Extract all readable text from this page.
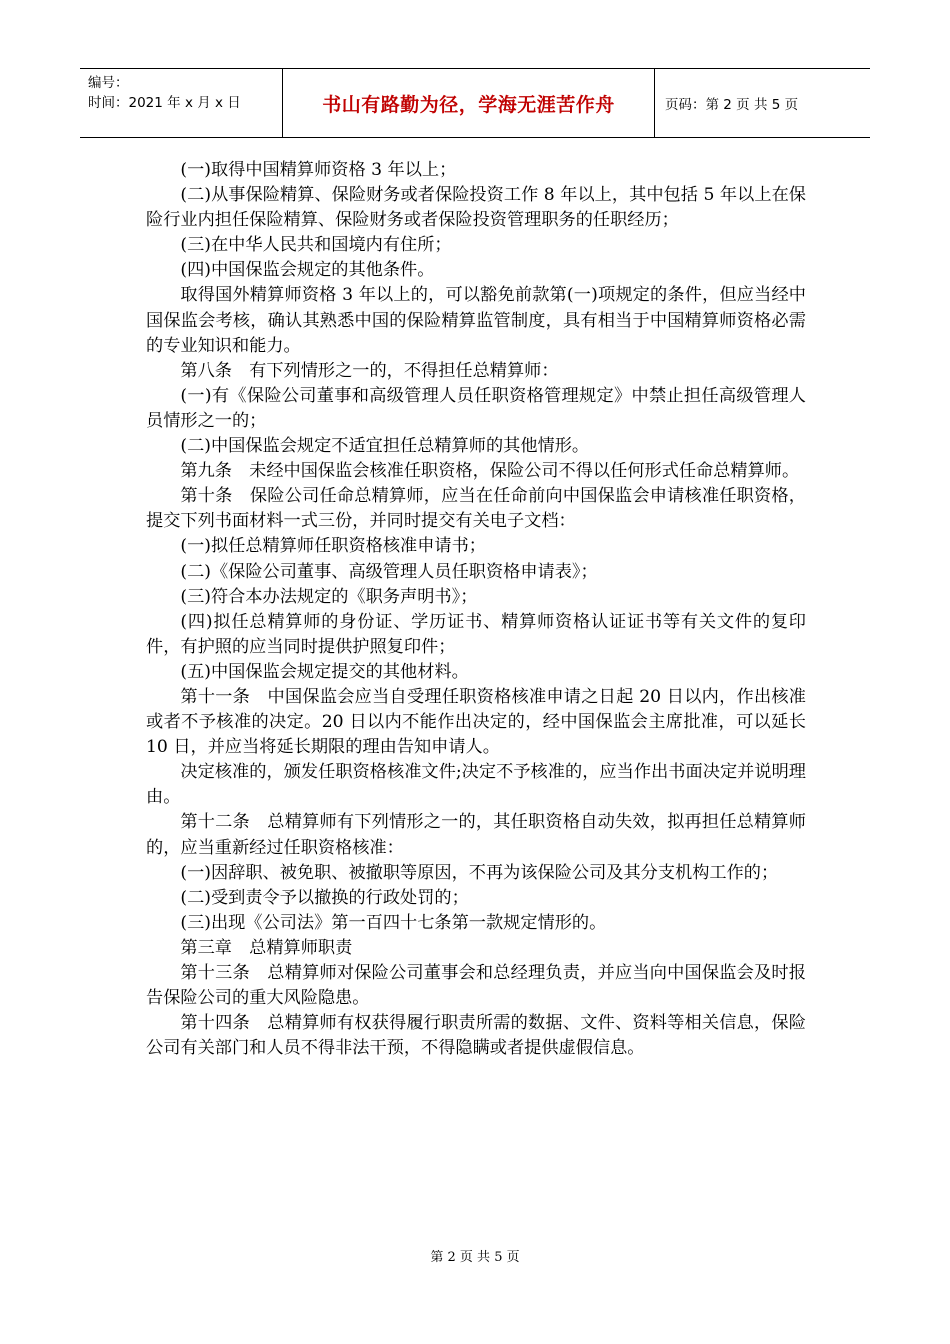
编号：
时间：2021 年 x 月 x 日	书山有路勤为径，学海无涯苦作舟	页码：第 2 页 共 5 页

(一)取得中国精算师资格 3 年以上；

(二)从事保险精算、保险财务或者保险投资工作 8 年以上，其中包括 5 年以上在保险行业内担任保险精算、保险财务或者保险投资管理职务的任职经历；

(三)在中华人民共和国境内有住所；

(四)中国保监会规定的其他条件。

取得国外精算师资格 3 年以上的，可以豁免前款第(一)项规定的条件，但应当经中国保监会考核，确认其熟悉中国的保险精算监管制度，具有相当于中国精算师资格必需的专业知识和能力。

第八条　有下列情形之一的，不得担任总精算师：

(一)有《保险公司董事和高级管理人员任职资格管理规定》中禁止担任高级管理人员情形之一的；

(二)中国保监会规定不适宜担任总精算师的其他情形。

第九条　未经中国保监会核准任职资格，保险公司不得以任何形式任命总精算师。

第十条　保险公司任命总精算师，应当在任命前向中国保监会申请核准任职资格，提交下列书面材料一式三份，并同时提交有关电子文档：

(一)拟任总精算师任职资格核准申请书；

(二)《保险公司董事、高级管理人员任职资格申请表》；

(三)符合本办法规定的《职务声明书》；

(四)拟任总精算师的身份证、学历证书、精算师资格认证证书等有关文件的复印件，有护照的应当同时提供护照复印件；

(五)中国保监会规定提交的其他材料。

第十一条　中国保监会应当自受理任职资格核准申请之日起 20 日以内，作出核准或者不予核准的决定。20 日以内不能作出决定的，经中国保监会主席批准，可以延长 10 日，并应当将延长期限的理由告知申请人。

决定核准的，颁发任职资格核准文件;决定不予核准的，应当作出书面决定并说明理由。

第十二条　总精算师有下列情形之一的，其任职资格自动失效，拟再担任总精算师的，应当重新经过任职资格核准：

(一)因辞职、被免职、被撤职等原因，不再为该保险公司及其分支机构工作的；

(二)受到责令予以撤换的行政处罚的；

(三)出现《公司法》第一百四十七条第一款规定情形的。

第三章　总精算师职责

第十三条　总精算师对保险公司董事会和总经理负责，并应当向中国保监会及时报告保险公司的重大风险隐患。

第十四条　总精算师有权获得履行职责所需的数据、文件、资料等相关信息，保险公司有关部门和人员不得非法干预，不得隐瞒或者提供虚假信息。

第 2 页 共 5 页
